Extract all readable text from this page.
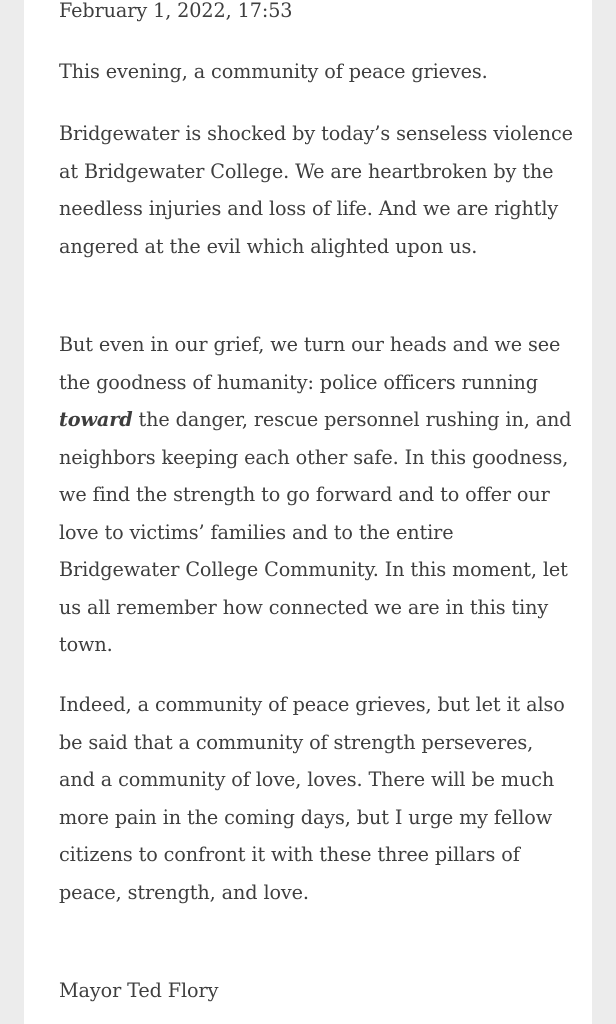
February 1, 2022, 17:53

This evening, a community of peace grieves.

Bridgewater is shocked by today’s senseless violence at Bridgewater College. We are heartbroken by the needless injuries and loss of life. And we are rightly angered at the evil which alighted upon us.

But even in our grief, we turn our heads and we see the goodness of humanity: police officers running toward the danger, rescue personnel rushing in, and neighbors keeping each other safe. In this goodness, we find the strength to go forward and to offer our love to victims’ families and to the entire Bridgewater College Community. In this moment, let us all remember how connected we are in this tiny town.

Indeed, a community of peace grieves, but let it also be said that a community of strength perseveres, and a community of love, loves. There will be much more pain in the coming days, but I urge my fellow citizens to confront it with these three pillars of peace, strength, and love.

Mayor Ted Flory
